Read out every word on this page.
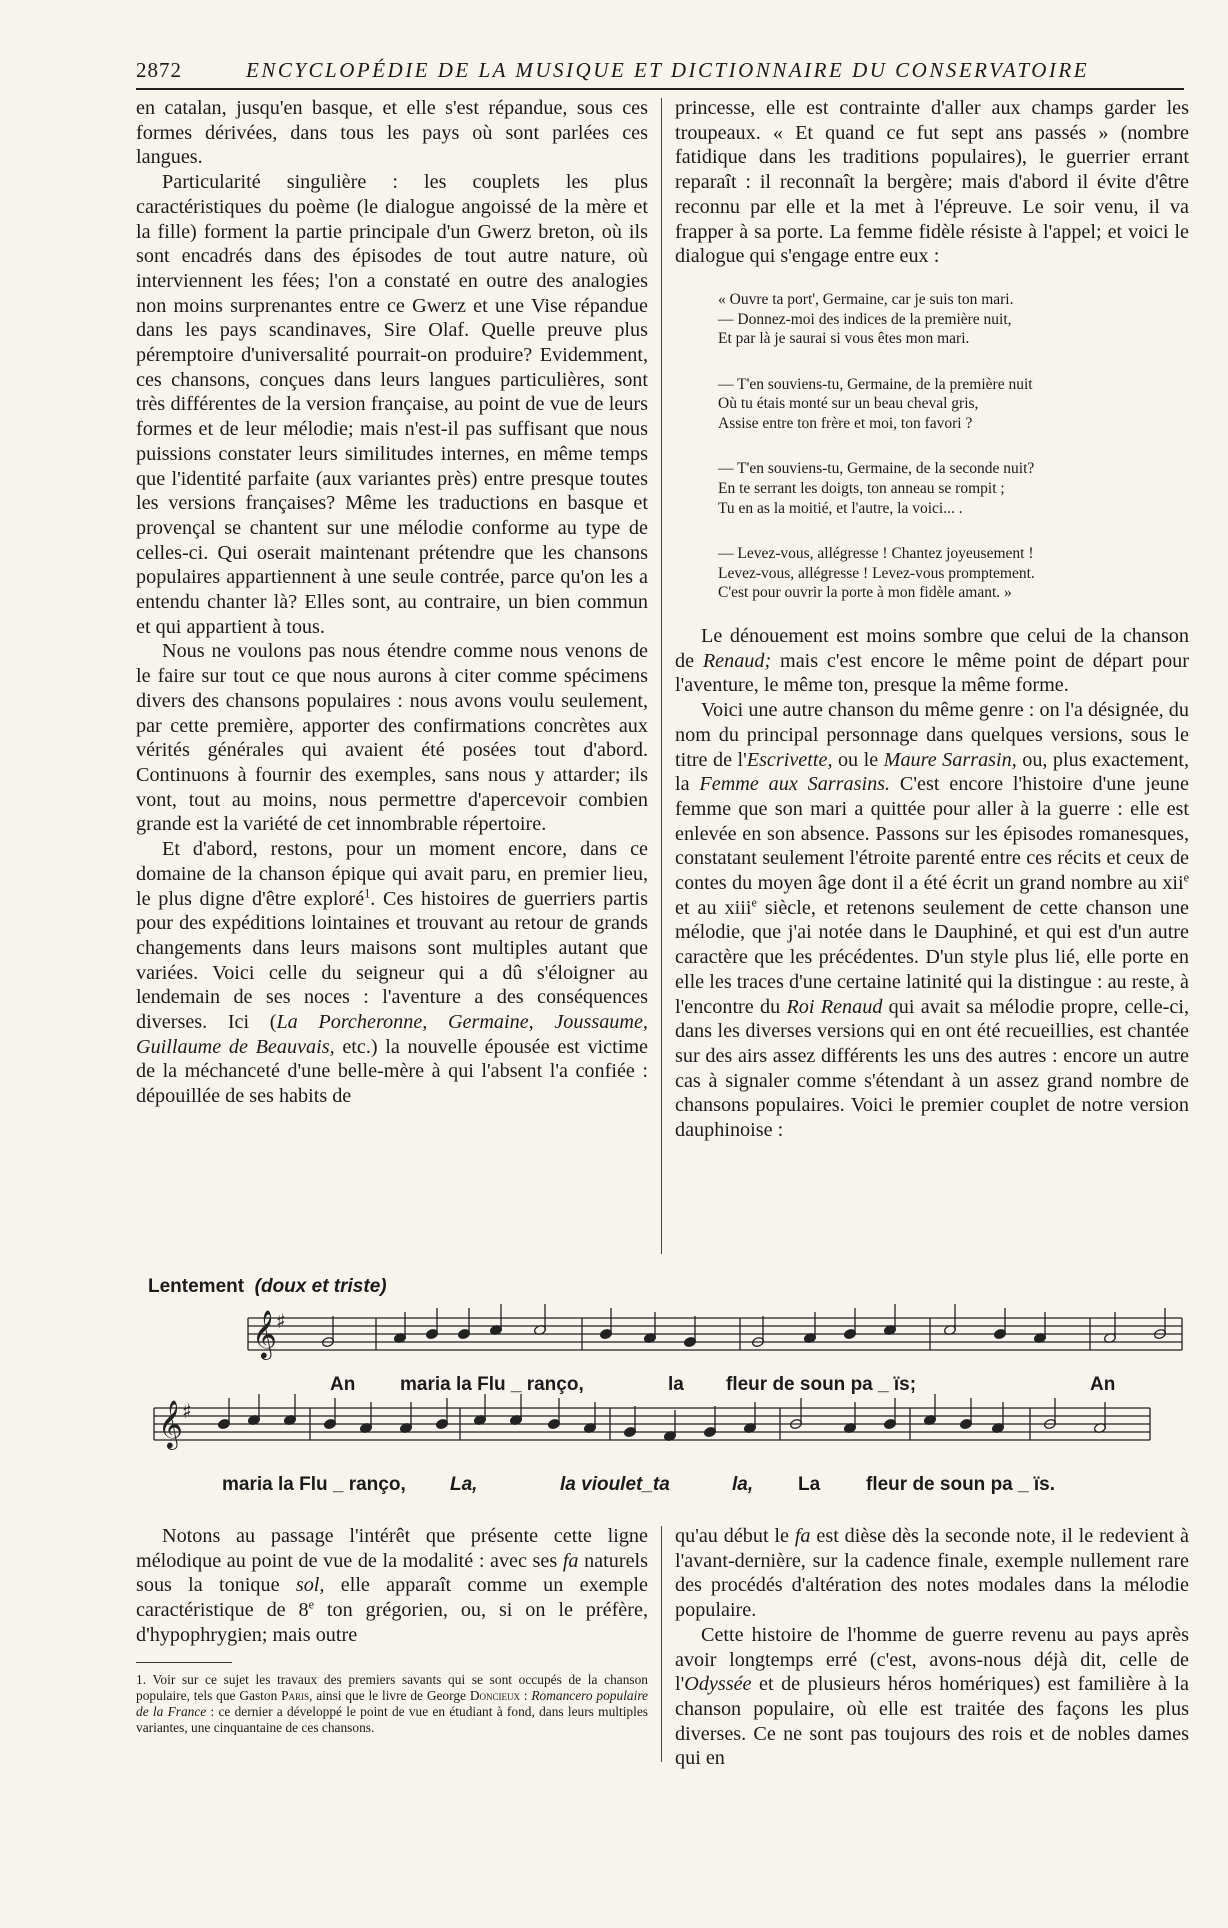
2872	ENCYCLOPÉDIE DE LA MUSIQUE ET DICTIONNAIRE DU CONSERVATOIRE

en catalan, jusqu'en basque, et elle s'est répandue, sous ces formes dérivées, dans tous les pays où sont parlées ces langues.

Particularité singulière : les couplets les plus caractéristiques du poème (le dialogue angoissé de la mère et la fille) forment la partie principale d'un Gwerz breton, où ils sont encadrés dans des épisodes de tout autre nature, où interviennent les fées; l'on a constaté en outre des analogies non moins surprenantes entre ce Gwerz et une Vise répandue dans les pays scandinaves, Sire Olaf. Quelle preuve plus péremptoire d'universalité pourrait-on produire? Evidemment, ces chansons, conçues dans leurs langues particulières, sont très différentes de la version française, au point de vue de leurs formes et de leur mélodie; mais n'est-il pas suffisant que nous puissions constater leurs similitudes internes, en même temps que l'identité parfaite (aux variantes près) entre presque toutes les versions françaises? Même les traductions en basque et provençal se chantent sur une mélodie conforme au type de celles-ci. Qui oserait maintenant prétendre que les chansons populaires appartiennent à une seule contrée, parce qu'on les a entendu chanter là? Elles sont, au contraire, un bien commun et qui appartient à tous.

Nous ne voulons pas nous étendre comme nous venons de le faire sur tout ce que nous aurons à citer comme spécimens divers des chansons populaires : nous avons voulu seulement, par cette première, apporter des confirmations concrètes aux vérités générales qui avaient été posées tout d'abord. Continuons à fournir des exemples, sans nous y attarder; ils vont, tout au moins, nous permettre d'apercevoir combien grande est la variété de cet innombrable répertoire.

Et d'abord, restons, pour un moment encore, dans ce domaine de la chanson épique qui avait paru, en premier lieu, le plus digne d'être exploré$^1$. Ces histoires de guerriers partis pour des expéditions lointaines et trouvant au retour de grands changements dans leurs maisons sont multiples autant que variées. Voici celle du seigneur qui a dû s'éloigner au lendemain de ses noces : l'aventure a des conséquences diverses. Ici (La Porcheronne, Germaine, Joussaume, Guillaume de Beauvais, etc.) la nouvelle épousée est victime de la méchanceté d'une belle-mère à qui l'absent l'a confiée : dépouillée de ses habits de

princesse, elle est contrainte d'aller aux champs garder les troupeaux. « Et quand ce fut sept ans passés » (nombre fatidique dans les traditions populaires), le guerrier errant reparaît : il reconnaît la bergère; mais d'abord il évite d'être reconnu par elle et la met à l'épreuve. Le soir venu, il va frapper à sa porte. La femme fidèle résiste à l'appel; et voici le dialogue qui s'engage entre eux :

« Ouvre ta port', Germaine, car je suis ton mari.
— Donnez-moi des indices de la première nuit,
Et par là je saurai si vous êtes mon mari.
— T'en souviens-tu, Germaine, de la première nuit
Où tu étais monté sur un beau cheval gris,
Assise entre ton frère et moi, ton favori ?
— T'en souviens-tu, Germaine, de la seconde nuit?
En te serrant les doigts, ton anneau se rompit ;
Tu en as la moitié, et l'autre, la voici... .
— Levez-vous, allégresse ! Chantez joyeusement !
Levez-vous, allégresse ! Levez-vous promptement.
C'est pour ouvrir la porte à mon fidèle amant. »

Le dénouement est moins sombre que celui de la chanson de Renaud; mais c'est encore le même point de départ pour l'aventure, le même ton, presque la même forme.

Voici une autre chanson du même genre : on l'a désignée, du nom du principal personnage dans quelques versions, sous le titre de l'Escrivette, ou le Maure Sarrasin, ou, plus exactement, la Femme aux Sarrasins. C'est encore l'histoire d'une jeune femme que son mari a quittée pour aller à la guerre : elle est enlevée en son absence. Passons sur les épisodes romanesques, constatant seulement l'étroite parenté entre ces récits et ceux de contes du moyen âge dont il a été écrit un grand nombre au xii$^e$ et au xiii$^e$ siècle, et retenons seulement de cette chanson une mélodie, que j'ai notée dans le Dauphiné, et qui est d'un autre caractère que les précédentes. D'un style plus lié, elle porte en elle les traces d'une certaine latinité qui la distingue : au reste, à l'encontre du Roi Renaud qui avait sa mélodie propre, celle-ci, dans les diverses versions qui en ont été recueillies, est chantée sur des airs assez différents les uns des autres : encore un autre cas à signaler comme s'étendant à un assez grand nombre de chansons populaires. Voici le premier couplet de notre version dauphinoise :

Lentement (doux et triste)
𝄞 ♯
𝄞 ♯
An maria la Flu _ ranço,	la fleur de soun pa _ ïs;	An
maria la Flu _ ranço, La,	la vioulet_ta	la, La fleur de soun pa _ ïs.

Notons au passage l'intérêt que présente cette ligne mélodique au point de vue de la modalité : avec ses fa naturels sous la tonique sol, elle apparaît comme un exemple caractéristique de 8e ton grégorien, ou, si on le préfère, d'hypophrygien; mais outre

1. Voir sur ce sujet les travaux des premiers savants qui se sont occupés de la chanson populaire, tels que Gaston Paris, ainsi que le livre de George Doncieux : Romancero populaire de la France : ce dernier a développé le point de vue en étudiant à fond, dans leurs multiples variantes, une cinquantaine de ces chansons.

qu'au début le fa est dièse dès la seconde note, il le redevient à l'avant-dernière, sur la cadence finale, exemple nullement rare des procédés d'altération des notes modales dans la mélodie populaire.

Cette histoire de l'homme de guerre revenu au pays après avoir longtemps erré (c'est, avons-nous déjà dit, celle de l'Odyssée et de plusieurs héros homériques) est familière à la chanson populaire, où elle est traitée des façons les plus diverses. Ce ne sont pas toujours des rois et de nobles dames qui en
